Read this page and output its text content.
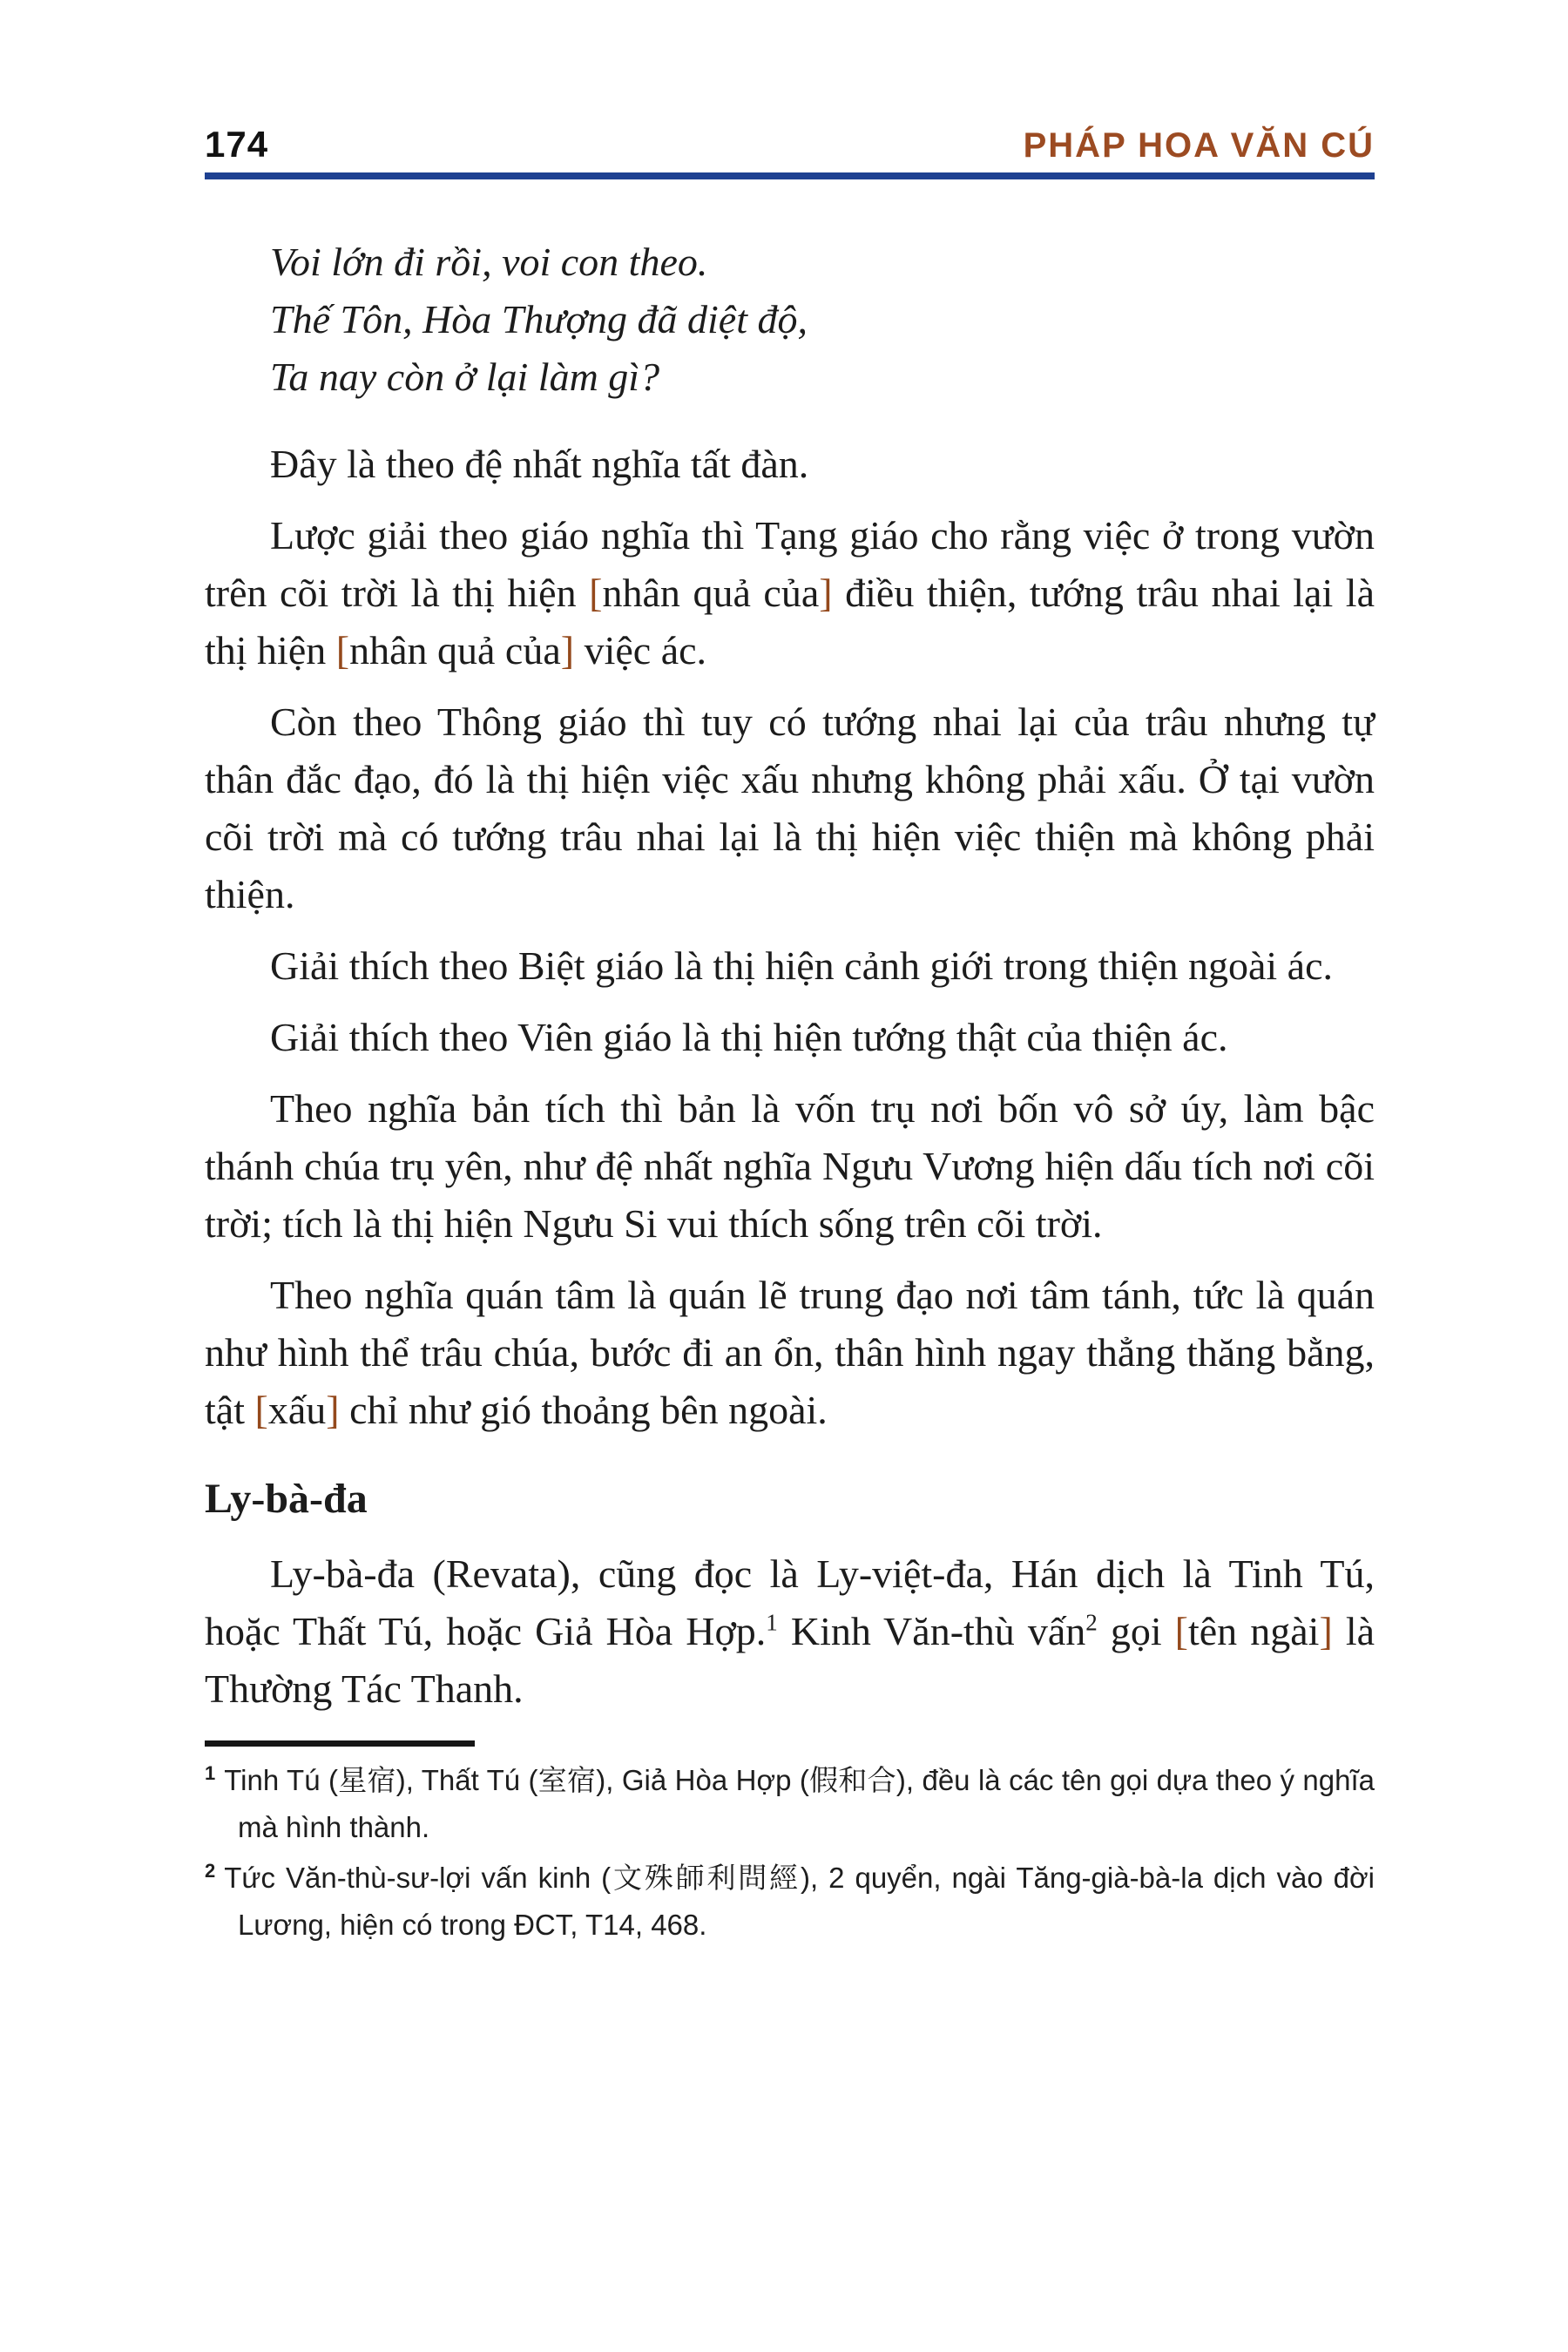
174	PHÁP HOA VĂN CÚ
Voi lớn đi rồi, voi con theo.
Thế Tôn, Hòa Thượng đã diệt độ,
Ta nay còn ở lại làm gì?

Đây là theo đệ nhất nghĩa tất đàn.

Lược giải theo giáo nghĩa thì Tạng giáo cho rằng việc ở trong vườn trên cõi trời là thị hiện [nhân quả của] điều thiện, tướng trâu nhai lại là thị hiện [nhân quả của] việc ác.

Còn theo Thông giáo thì tuy có tướng nhai lại của trâu nhưng tự thân đắc đạo, đó là thị hiện việc xấu nhưng không phải xấu. Ở tại vườn cõi trời mà có tướng trâu nhai lại là thị hiện việc thiện mà không phải thiện.

Giải thích theo Biệt giáo là thị hiện cảnh giới trong thiện ngoài ác.

Giải thích theo Viên giáo là thị hiện tướng thật của thiện ác.

Theo nghĩa bản tích thì bản là vốn trụ nơi bốn vô sở úy, làm bậc thánh chúa trụ yên, như đệ nhất nghĩa Ngưu Vương hiện dấu tích nơi cõi trời; tích là thị hiện Ngưu Si vui thích sống trên cõi trời.

Theo nghĩa quán tâm là quán lẽ trung đạo nơi tâm tánh, tức là quán như hình thể trâu chúa, bước đi an ổn, thân hình ngay thẳng thăng bằng, tật [xấu] chỉ như gió thoảng bên ngoài.

Ly-bà-đa

Ly-bà-đa (Revata), cũng đọc là Ly-việt-đa, Hán dịch là Tinh Tú, hoặc Thất Tú, hoặc Giả Hòa Hợp.$^1$ Kinh Văn-thù vấn$^2$ gọi [tên ngài] là Thường Tác Thanh.

$^1$ Tinh Tú (星宿), Thất Tú (室宿), Giả Hòa Hợp (假和合), đều là các tên gọi dựa theo ý nghĩa mà hình thành.

$^2$ Tức Văn-thù-sư-lợi vấn kinh (文殊師利問經), 2 quyển, ngài Tăng-già-bà-la dịch vào đời Lương, hiện có trong ĐCT, T14, 468.
